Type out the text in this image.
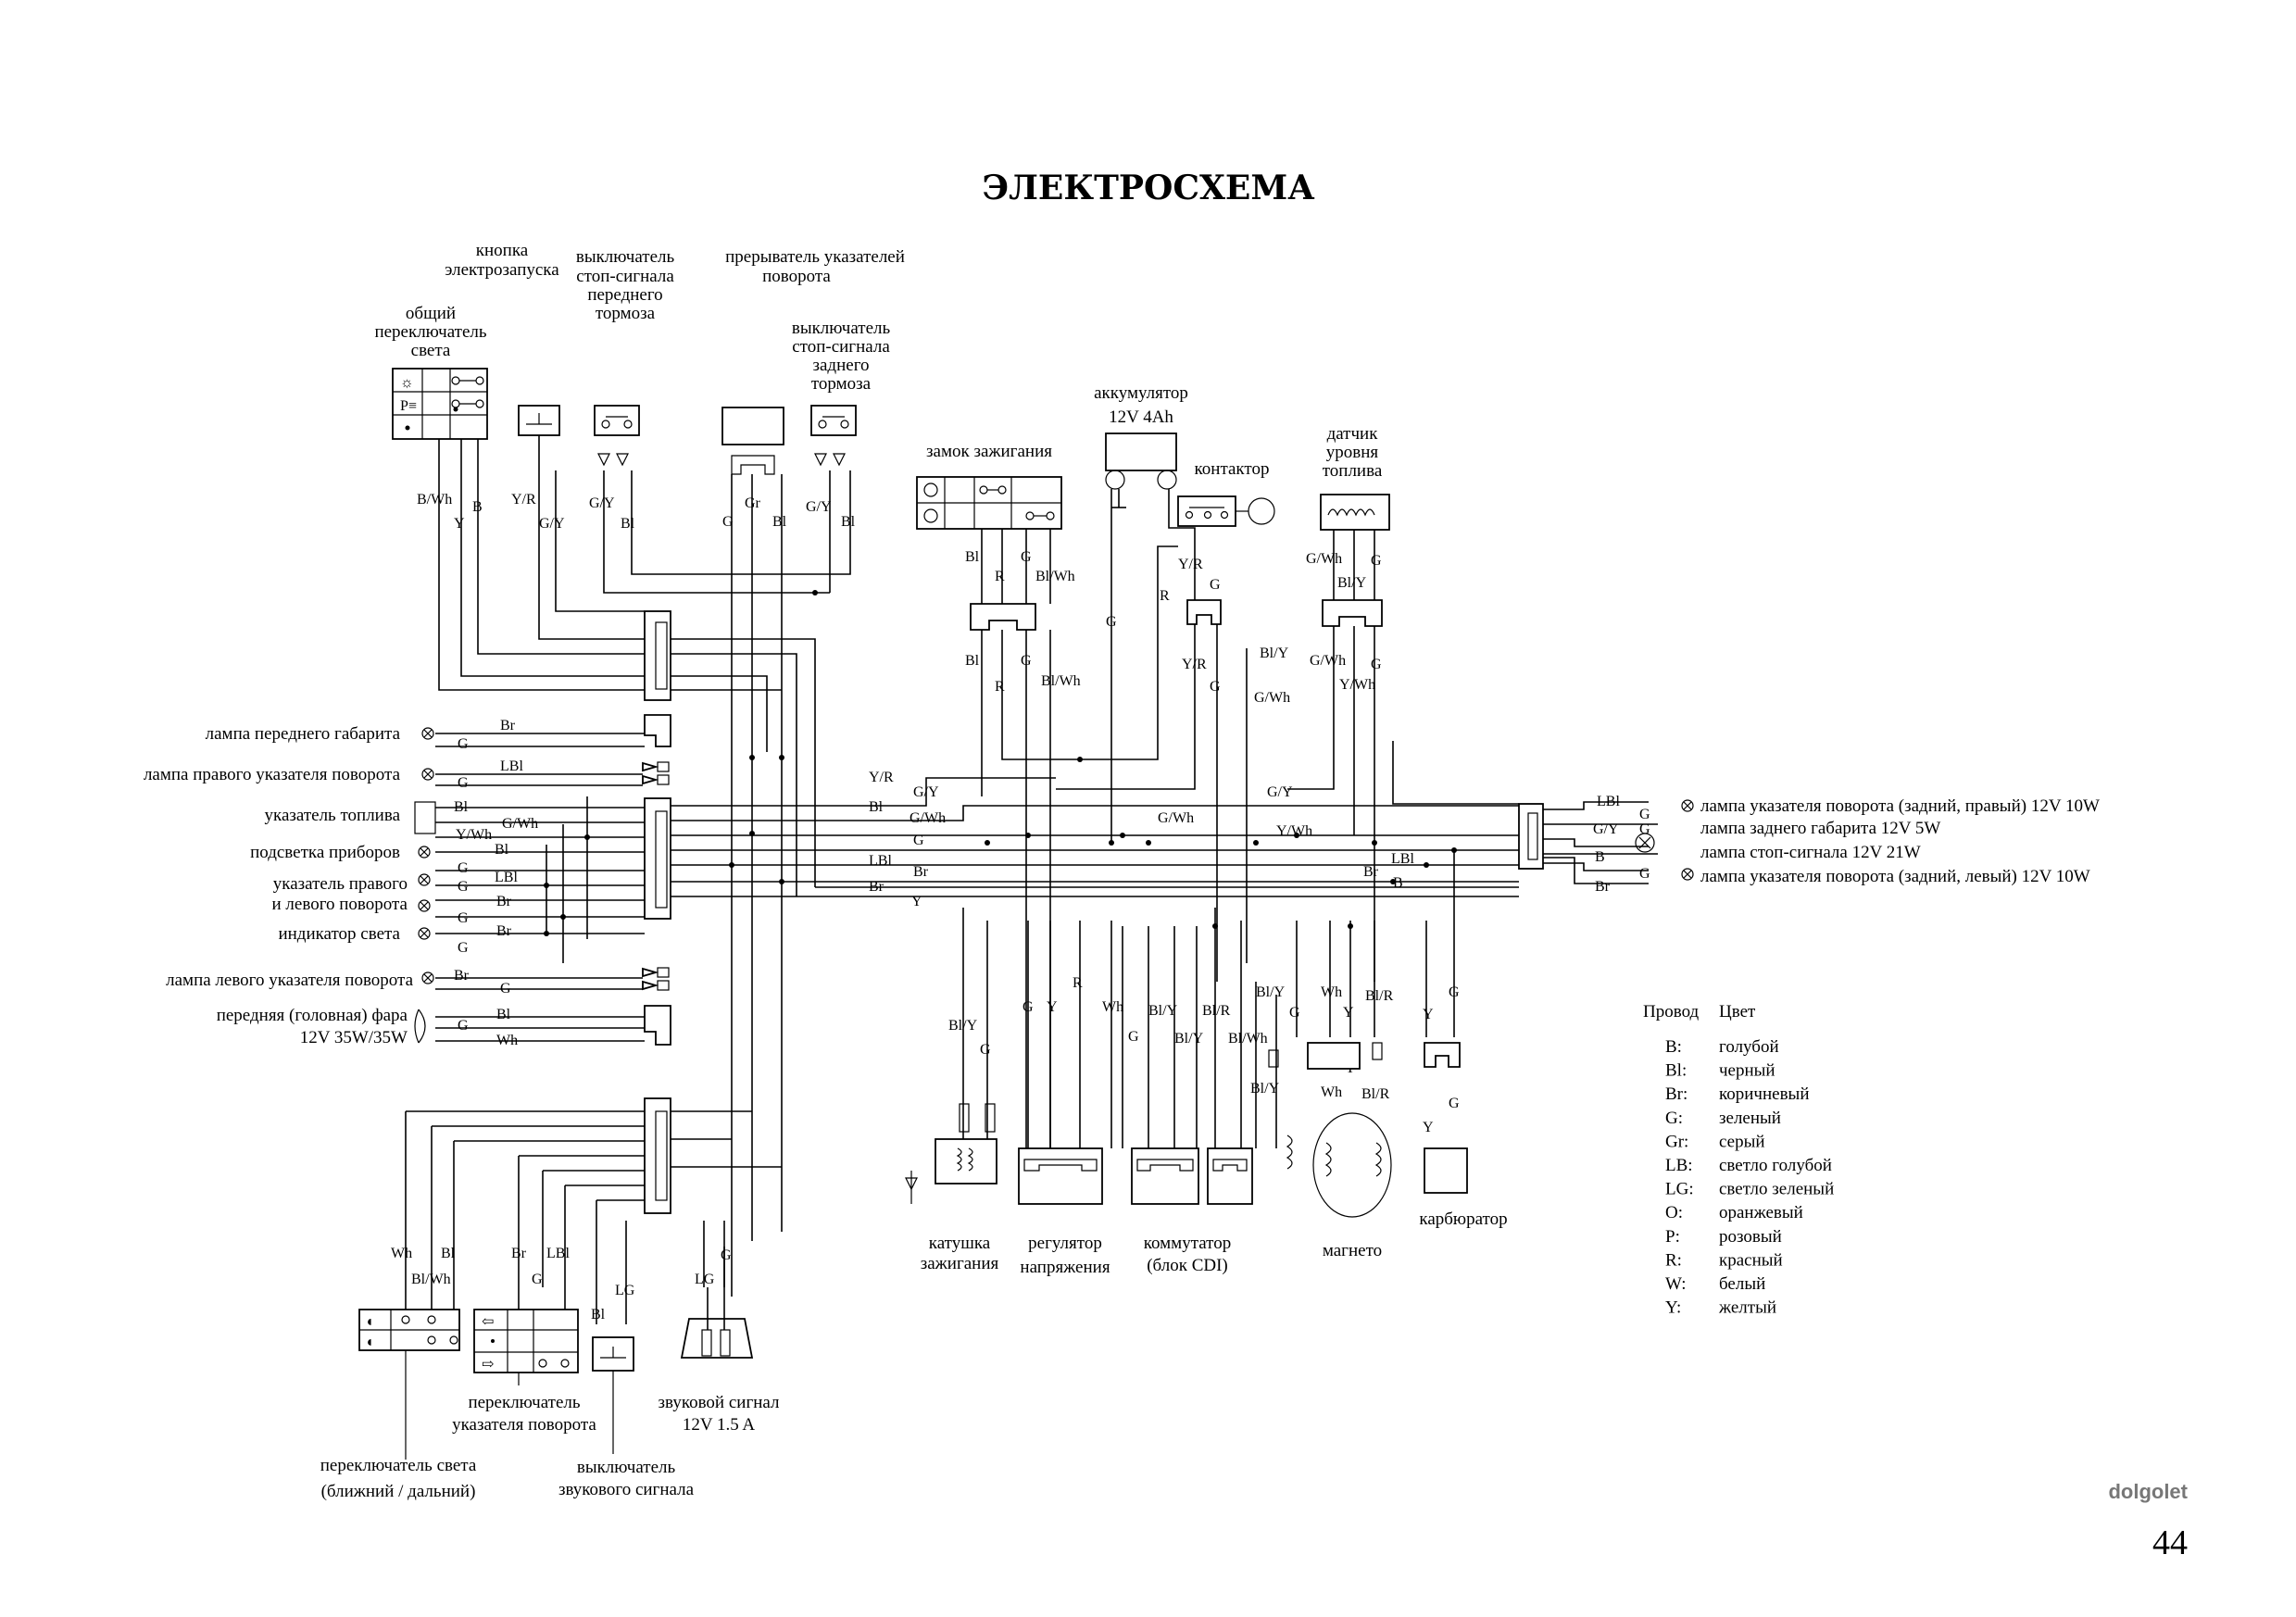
ЭЛЕКТРОСХЕМА
кнопка
электрозапуска
выключатель
стоп-сигнала
переднего
тормоза
прерыватель указателей
поворота
выключатель
стоп-сигнала
заднего
тормоза
общий
переключатель
света
аккумулятор
12V 4Ah
замок зажигания
контактор
датчик
уровня
топлива
☼
P≡
B/Wh
Y
B Y/R
G/Y
G/Y
Bl	G
Gr
Bl
G/Y
Bl
Bl
R
G
Bl/Wh
Bl
R
G
Bl/Wh
Y/R
R
Y/R
G
G
G
Bl/Y
G/Wh G
Bl/Y
G/Wh G
Y/Wh
G/Wh
лампа переднего габарита
лампа правого указателя поворота
указатель топлива
подсветка приборов
указатель правого
и левого поворота
индикатор света
лампа левого указателя поворота
передняя (головная) фара
12V 35W/35W
Br
G
LBl
G
Bl
G/Wh
Y/Wh
Bl
G
LBl
G
Br
G
Br
G
Br
G
Bl
G
Wh
Y/R
G/Y
Bl
G/Wh
G
LBl
Br
Br
Y
G/Y
G/Wh
Y/Wh
LBl
Br
B
LBl
G
G/Y G
B
G
Br
лампа указателя поворота (задний, правый) 12V 10W
лампа заднего габарита 12V 5W
лампа стоп-сигнала 12V 21W
лампа указателя поворота (задний, левый) 12V 10W
Bl/Y
G
G Y
R
Wh
G
Bl/Y Bl/R
Bl/Y Bl/Wh
Bl/Y
G
Wh
Y
Bl/R
Bl/Y	Wh Bl/R
Y
G
G
Y
катушка
зажигания
регулятор
напряжения
коммутатор
(блок CDI)
магнето
карбюратор
◖
◖
⇦
⇨
Wh Bl
Bl/Wh
Br LBl
G
LG
Bl
G
LG
переключатель
указателя поворота
переключатель света
(ближний / дальний)
выключатель
звукового сигнала
звуковой сигнал
12V 1.5 A
Провод Цвет
B: голубой
Bl: черный
Br: коричневый
G: зеленый
Gr: серый
LB: светло голубой
LG: светло зеленый
O: оранжевый
P: розовый
R: красный
W: белый
Y: желтый
dolgolet
44
